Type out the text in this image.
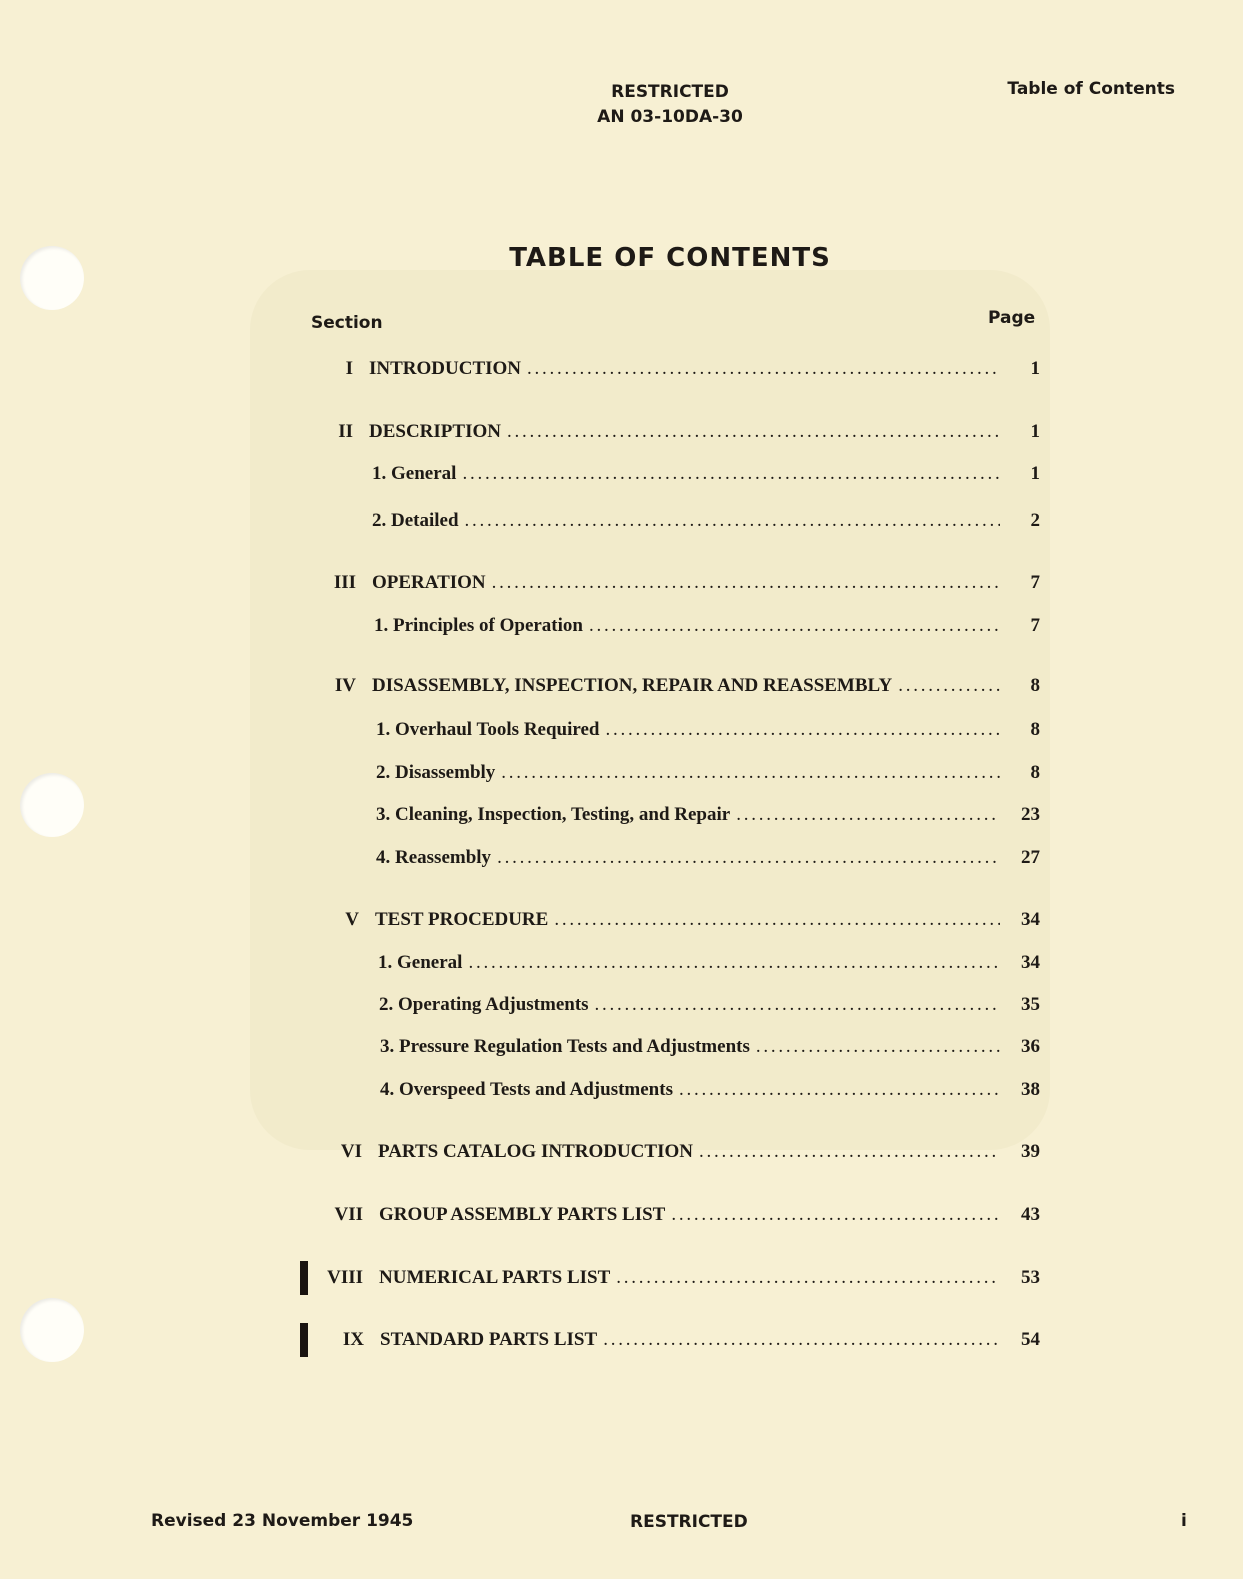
RESTRICTED
AN 03-10DA-30
Table of Contents
TABLE OF CONTENTS
Section	Page
I INTRODUCTION . . .	1
II DESCRIPTION . . .	1
1. General . . .	1
2. Detailed . . .	2
III OPERATION . . .	7
1. Principles of Operation . . .	7
IV DISASSEMBLY, INSPECTION, REPAIR AND REASSEMBLY . . .	8
1. Overhaul Tools Required . . .	8
2. Disassembly . . .	8
3. Cleaning, Inspection, Testing, and Repair . . .	23
4. Reassembly . . .	27
V TEST PROCEDURE . . .	34
1. General . . .	34
2. Operating Adjustments . . .	35
3. Pressure Regulation Tests and Adjustments . . .	36
4. Overspeed Tests and Adjustments . . .	38
VI PARTS CATALOG INTRODUCTION . . .	39
VII GROUP ASSEMBLY PARTS LIST . . .	43
VIII NUMERICAL PARTS LIST . . .	53
IX STANDARD PARTS LIST . . .	54
Revised 23 November 1945	RESTRICTED	i
